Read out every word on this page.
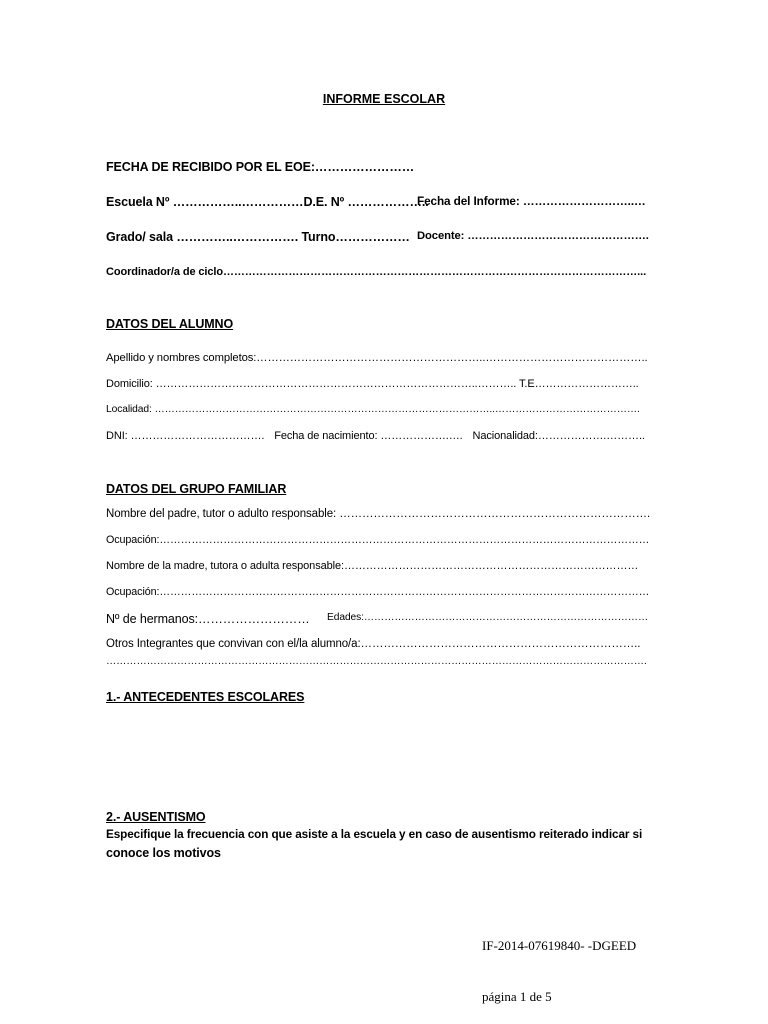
INFORME ESCOLAR
FECHA DE RECIBIDO POR EL EOE:……………………
Escuela Nº ……………..……………D.E. Nº ………………..
Fecha del Informe: ………………………..…
Grado/ sala …………..……………. Turno……………… Docente: ………………………………………….
Coordinador/a de ciclo……………………………………………………………………………………………………...
DATOS DEL ALUMNO
Apellido y nombres completos:……………………………………………………..……………………………………..
Domicilio: ……………………………………………………………………………..……….. T.E………………………..
Localidad: ………………………………………………………………………………………..…………………………………….
DNI: ………………………………. Fecha de nacimiento: ……………….…. Nacionalidad:……………….………..
DATOS DEL GRUPO FAMILIAR
Nombre del padre, tutor o adulto responsable: ……………………………………………………………………….
Ocupación:…………………………………………………………………………………………………………………………
Nombre de la madre, tutora o adulta responsable:………………………………………………………………………
Ocupación:…………………………………………………………………………………………………………………………
Nº de hermanos:……………………… Edades:…………………………………………………………………………
Otros Integrantes que convivan con el/la alumno/a:………………………………………………………………..
…………………………………………………………………………………………………………………………………………….
1.- ANTECEDENTES ESCOLARES
2.- AUSENTISMO
Especifique la frecuencia con que asiste a la escuela y en caso de ausentismo reiterado indicar si
conoce los motivos
IF-2014-07619840- -DGEED
página 1 de 5
